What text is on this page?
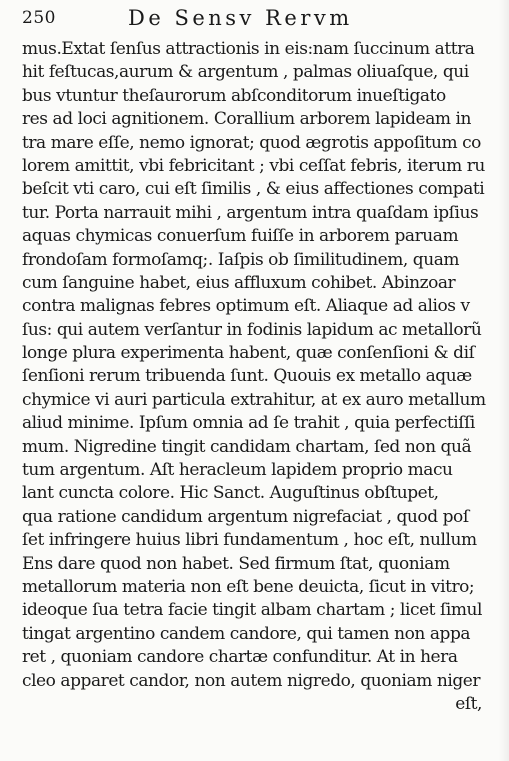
250	De Sensv Rervm
mus.Extat ſenſus attractionis in eis:nam ſuccinum attra
hit feſtucas,aurum & argentum , palmas oliuaſque, qui
bus vtuntur theſaurorum abſconditorum inueſtigato
res ad loci agnitionem. Corallium arborem lapideam in
tra mare eſſe, nemo ignorat; quod ægrotis appoſitum co
lorem amittit, vbi febricitant ; vbi ceſſat febris, iterum ru
beſcit vti caro, cui eſt ſimilis , & eius affectiones compati
tur. Porta narrauit mihi , argentum intra quaſdam ipſius
aquas chymicas conuerſum fuiſſe in arborem paruam
frondoſam formoſamq;. Iaſpis ob ſimilitudinem, quam
cum ſanguine habet, eius affluxum cohibet. Abinzoar
contra malignas febres optimum eſt. Aliaque ad alios v
ſus: qui autem verſantur in fodinis lapidum ac metallorũ
longe plura experimenta habent, quæ conſenſioni & diſ
ſenſioni rerum tribuenda ſunt. Quouis ex metallo aquæ
chymice vi auri particula extrahitur, at ex auro metallum
aliud minime. Ipſum omnia ad ſe trahit , quia perfectiſſi
mum. Nigredine tingit candidam chartam, ſed non quã
tum argentum. Aſt heracleum lapidem proprio macu
lant cuncta colore. Hic Sanct. Auguſtinus obſtupet,
qua ratione candidum argentum nigrefaciat , quod poſ
ſet infringere huius libri fundamentum , hoc eſt, nullum
Ens dare quod non habet. Sed firmum ſtat, quoniam
metallorum materia non eſt bene deuicta, ſicut in vitro;
ideoque ſua tetra facie tingit albam chartam ; licet ſimul
tingat argentino candem candore, qui tamen non appa
ret , quoniam candore chartæ confunditur. At in hera
cleo apparet candor, non autem nigredo, quoniam niger
eſt,
